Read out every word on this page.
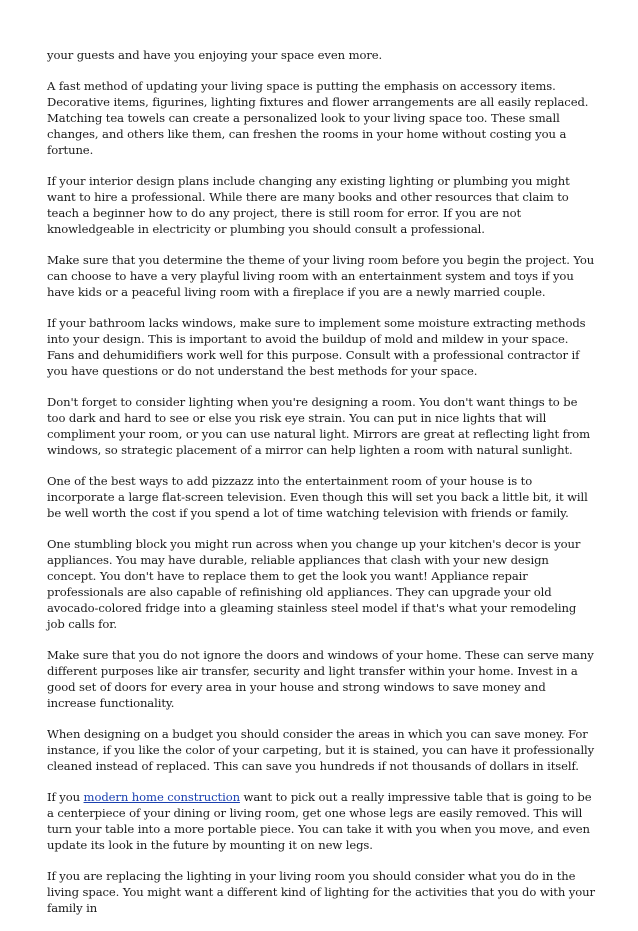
your guests and have you enjoying your space even more.

A fast method of updating your living space is putting the emphasis on accessory items. Decorative items, figurines, lighting fixtures and flower arrangements are all easily replaced. Matching tea towels can create a personalized look to your living space too. These small changes, and others like them, can freshen the rooms in your home without costing you a fortune.

If your interior design plans include changing any existing lighting or plumbing you might want to hire a professional. While there are many books and other resources that claim to teach a beginner how to do any project, there is still room for error. If you are not knowledgeable in electricity or plumbing you should consult a professional.

Make sure that you determine the theme of your living room before you begin the project. You can choose to have a very playful living room with an entertainment system and toys if you have kids or a peaceful living room with a fireplace if you are a newly married couple.

If your bathroom lacks windows, make sure to implement some moisture extracting methods into your design. This is important to avoid the buildup of mold and mildew in your space. Fans and dehumidifiers work well for this purpose. Consult with a professional contractor if you have questions or do not understand the best methods for your space.

Don't forget to consider lighting when you're designing a room. You don't want things to be too dark and hard to see or else you risk eye strain. You can put in nice lights that will compliment your room, or you can use natural light. Mirrors are great at reflecting light from windows, so strategic placement of a mirror can help lighten a room with natural sunlight.

One of the best ways to add pizzazz into the entertainment room of your house is to incorporate a large flat-screen television. Even though this will set you back a little bit, it will be well worth the cost if you spend a lot of time watching television with friends or family.

One stumbling block you might run across when you change up your kitchen's decor is your appliances. You may have durable, reliable appliances that clash with your new design concept. You don't have to replace them to get the look you want! Appliance repair professionals are also capable of refinishing old appliances. They can upgrade your old avocado-colored fridge into a gleaming stainless steel model if that's what your remodeling job calls for.

Make sure that you do not ignore the doors and windows of your home. These can serve many different purposes like air transfer, security and light transfer within your home. Invest in a good set of doors for every area in your house and strong windows to save money and increase functionality.

When designing on a budget you should consider the areas in which you can save money. For instance, if you like the color of your carpeting, but it is stained, you can have it professionally cleaned instead of replaced. This can save you hundreds if not thousands of dollars in itself.

If you modern home construction want to pick out a really impressive table that is going to be a centerpiece of your dining or living room, get one whose legs are easily removed. This will turn your table into a more portable piece. You can take it with you when you move, and even update its look in the future by mounting it on new legs.

If you are replacing the lighting in your living room you should consider what you do in the living space. You might want a different kind of lighting for the activities that you do with your family in
